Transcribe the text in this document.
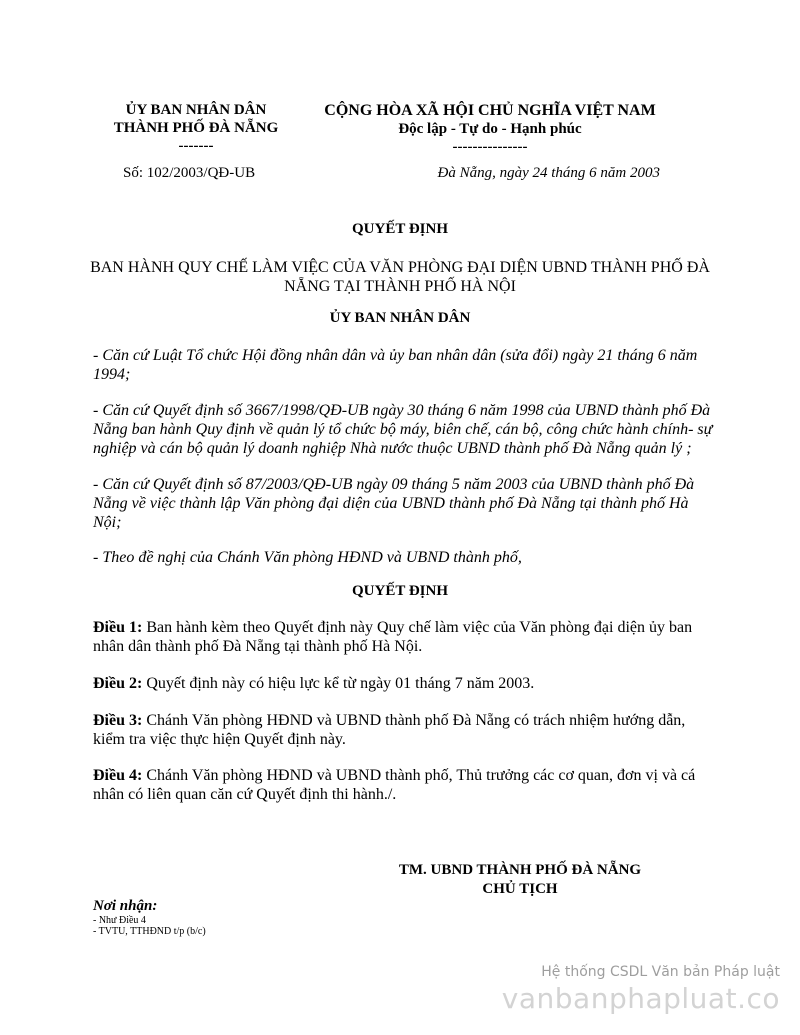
ỦY BAN NHÂN DÂN
THÀNH PHỐ ĐÀ NẴNG
-------
CỘNG HÒA XÃ HỘI CHỦ NGHĨA VIỆT NAM
Độc lập - Tự do - Hạnh phúc
---------------
Số: 102/2003/QĐ-UB	Đà Nẵng, ngày 24 tháng 6 năm 2003
QUYẾT ĐỊNH
BAN HÀNH QUY CHẾ LÀM VIỆC CỦA VĂN PHÒNG ĐẠI DIỆN UBND THÀNH PHỐ ĐÀ NẴNG TẠI THÀNH PHỐ HÀ NỘI
ỦY BAN NHÂN DÂN
- Căn cứ Luật Tổ chức Hội đồng nhân dân và ủy ban nhân dân (sửa đổi) ngày 21 tháng 6 năm 1994;
- Căn cứ Quyết định số 3667/1998/QĐ-UB ngày 30 tháng 6 năm 1998 của UBND thành phố Đà Nẵng ban hành Quy định về quản lý tổ chức bộ máy, biên chế, cán bộ, công chức hành chính- sự nghiệp và cán bộ quản lý doanh nghiệp Nhà nước thuộc UBND thành phố Đà Nẵng quản lý ;
- Căn cứ Quyết định số 87/2003/QĐ-UB ngày 09 tháng 5 năm 2003 của UBND thành phố Đà Nẵng về việc thành lập Văn phòng đại diện của UBND thành phố Đà Nẵng tại thành phố Hà Nội;
- Theo đề nghị của Chánh Văn phòng HĐND và UBND thành phố,
QUYẾT ĐỊNH
Điều 1: Ban hành kèm theo Quyết định này Quy chế làm việc của Văn phòng đại diện ủy ban nhân dân thành phố Đà Nẵng tại thành phố Hà Nội.
Điều 2: Quyết định này có hiệu lực kể từ ngày 01 tháng 7 năm 2003.
Điều 3: Chánh Văn phòng HĐND và UBND thành phố Đà Nẵng có trách nhiệm hướng dẫn, kiểm tra việc thực hiện Quyết định này.
Điều 4: Chánh Văn phòng HĐND và UBND thành phố, Thủ trưởng các cơ quan, đơn vị và cá nhân có liên quan căn cứ Quyết định thi hành./.
TM. UBND THÀNH PHỐ ĐÀ NẴNG
CHỦ TỊCH
Nơi nhận:
- Như Điều 4
- TVTU, TTHĐND t/p (b/c)
Hệ thống CSDL Văn bản Pháp luật
vanbanphapluat.co
